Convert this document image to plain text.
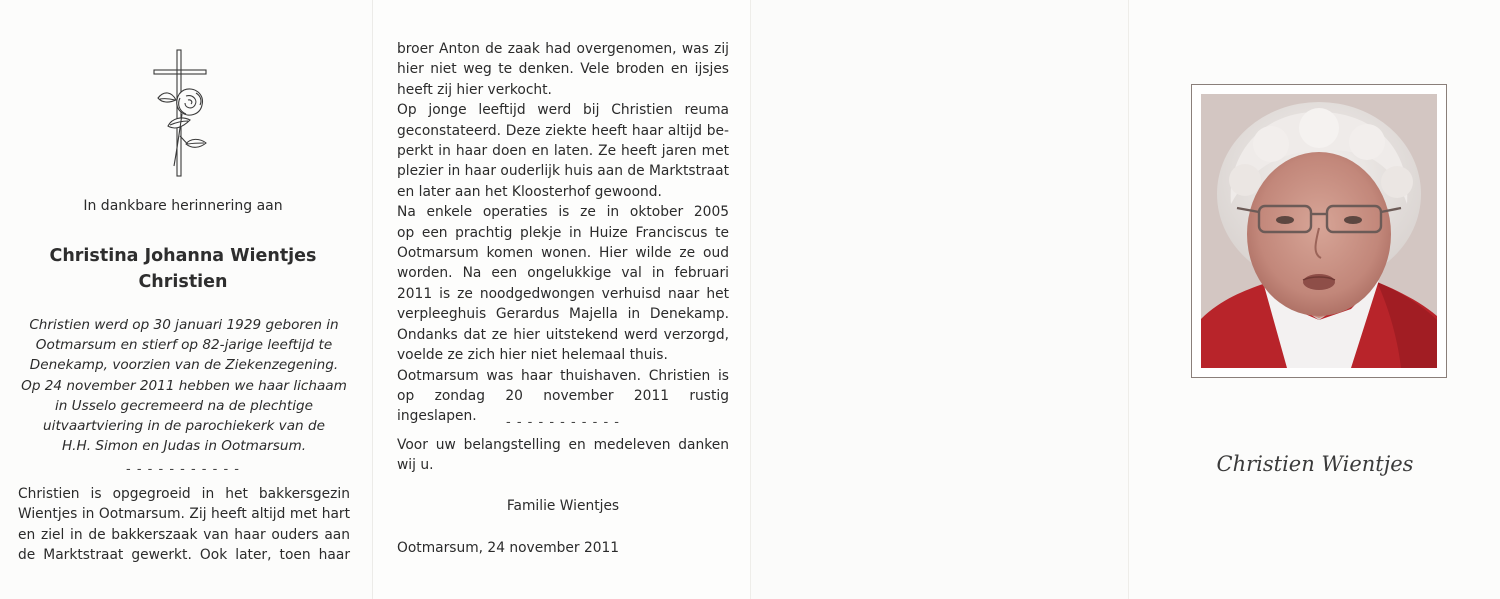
In dankbare herinnering aan
Christina Johanna Wientjes
Christien
Christien werd op 30 januari 1929 geboren in
Ootmarsum en stierf op 82-jarige leeftijd te
Denekamp, voorzien van de Ziekenzegening.
Op 24 november 2011 hebben we haar lichaam
in Usselo gecremeerd na de plechtige
uitvaartviering in de parochiekerk van de
H.H. Simon en Judas in Ootmarsum.
- - - - - - - - - - -
Christien is opgegroeid in het bakkersgezin
Wientjes in Ootmarsum. Zij heeft altijd met hart
en ziel in de bakkerszaak van haar ouders aan
de Marktstraat gewerkt. Ook later, toen haar
broer Anton de zaak had overgenomen, was zij
hier niet weg te denken. Vele broden en ijsjes
heeft zij hier verkocht.
Op jonge leeftijd werd bij Christien reuma
geconstateerd. Deze ziekte heeft haar altijd be-
perkt in haar doen en laten. Ze heeft jaren met
plezier in haar ouderlijk huis aan de Marktstraat
en later aan het Kloosterhof gewoond.
Na enkele operaties is ze in oktober 2005
op een prachtig plekje in Huize Franciscus te
Ootmarsum komen wonen. Hier wilde ze oud
worden. Na een ongelukkige val in februari
2011 is ze noodgedwongen verhuisd naar het
verpleeghuis Gerardus Majella in Denekamp.
Ondanks dat ze hier uitstekend werd verzorgd,
voelde ze zich hier niet helemaal thuis.
Ootmarsum was haar thuishaven. Christien is
op zondag 20 november 2011 rustig ingeslapen.	- - - - - - - - - - -
Voor uw belangstelling en medeleven danken
wij u.
Familie Wientjes
Ootmarsum, 24 november 2011
Christien Wientjes
